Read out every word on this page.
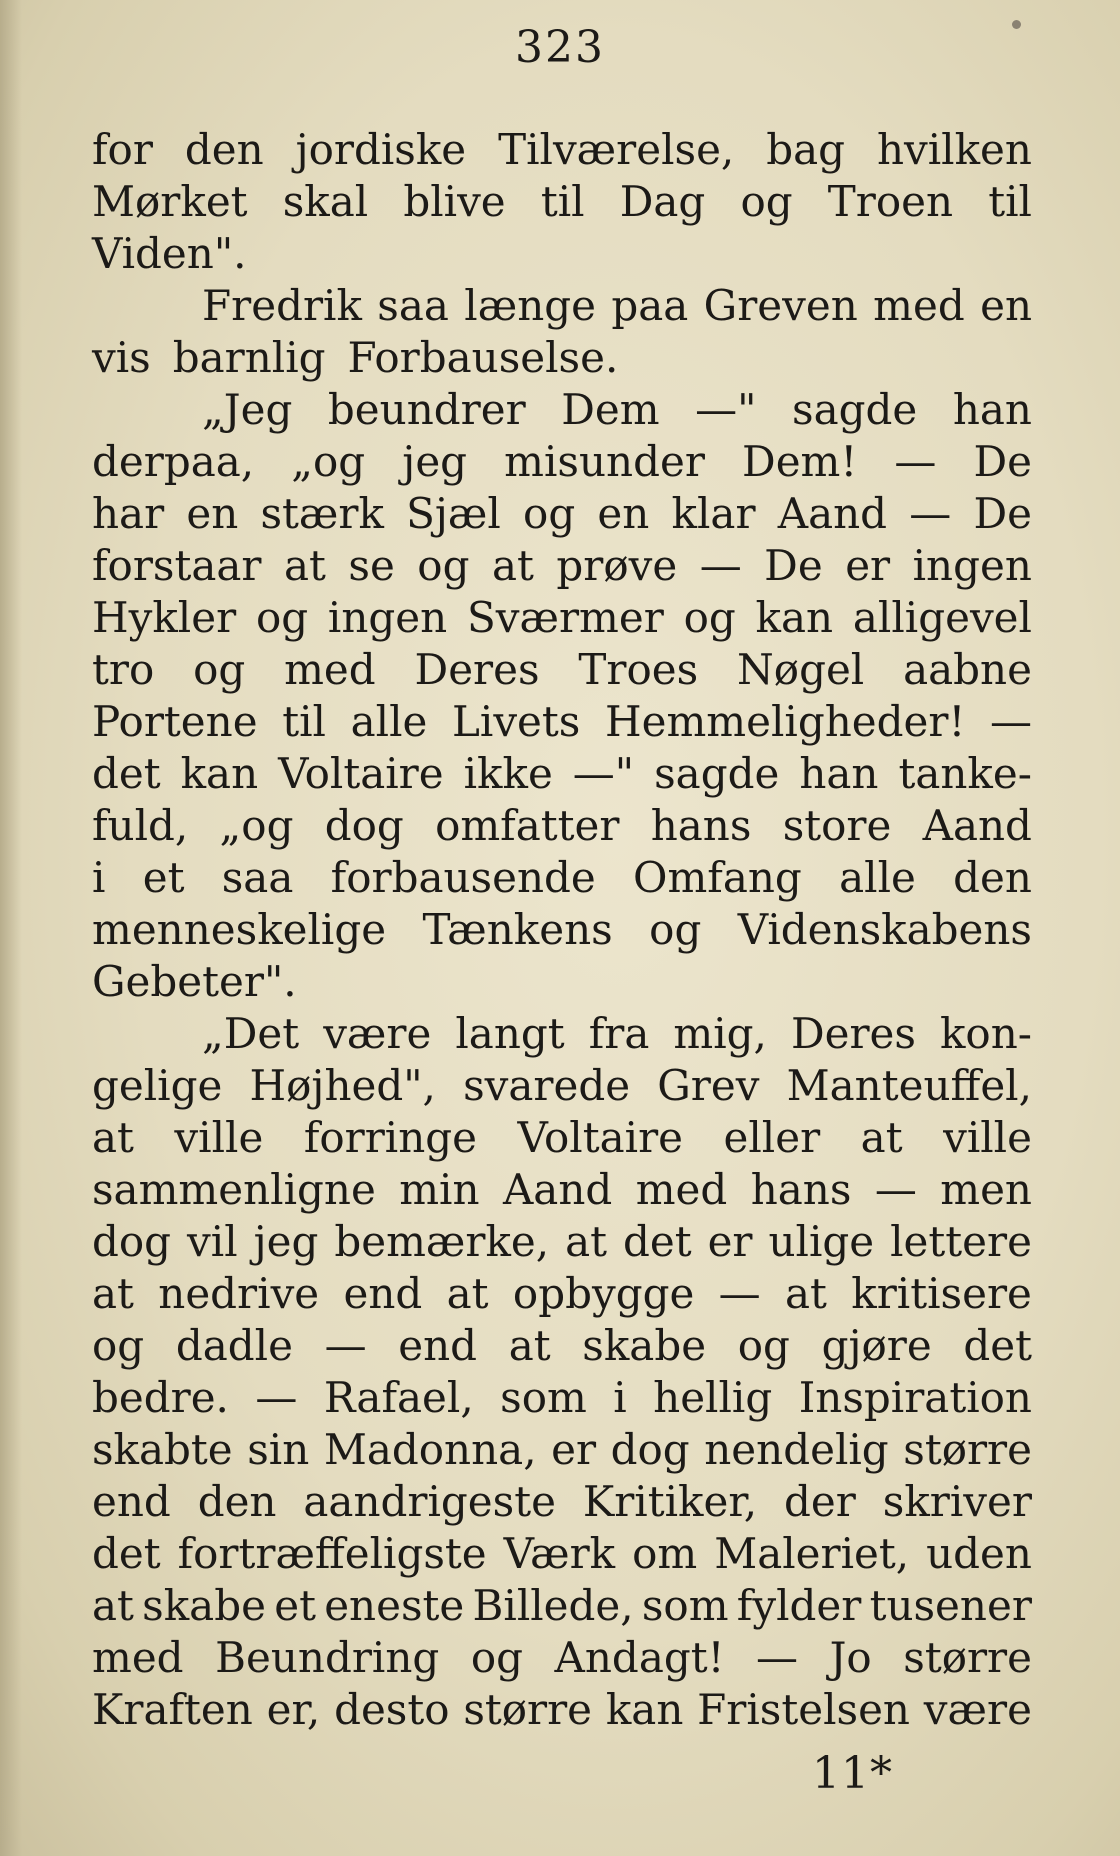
323
for den jordiske Tilværelse, bag hvilken
Mørket skal blive til Dag og Troen til
Viden".
Fredrik saa længe paa Greven med en
vis barnlig Forbauselse.
„Jeg beundrer Dem —" sagde han
derpaa, „og jeg misunder Dem! — De
har en stærk Sjæl og en klar Aand — De
forstaar at se og at prøve — De er ingen
Hykler og ingen Sværmer og kan alligevel
tro og med Deres Troes Nøgel aabne
Portene til alle Livets Hemmeligheder! —
det kan Voltaire ikke —" sagde han tanke-
fuld, „og dog omfatter hans store Aand
i et saa forbausende Omfang alle den
menneskelige Tænkens og Videnskabens
Gebeter".
„Det være langt fra mig, Deres kon-
gelige Højhed", svarede Grev Manteuffel,
at ville forringe Voltaire eller at ville
sammenligne min Aand med hans — men
dog vil jeg bemærke, at det er ulige lettere
at nedrive end at opbygge — at kritisere
og dadle — end at skabe og gjøre det
bedre. — Rafael, som i hellig Inspiration
skabte sin Madonna, er dog nendelig større
end den aandrigeste Kritiker, der skriver
det fortræffeligste Værk om Maleriet, uden
at skabe et eneste Billede, som fylder tusener
med Beundring og Andagt! — Jo større
Kraften er, desto større kan Fristelsen være
11*
